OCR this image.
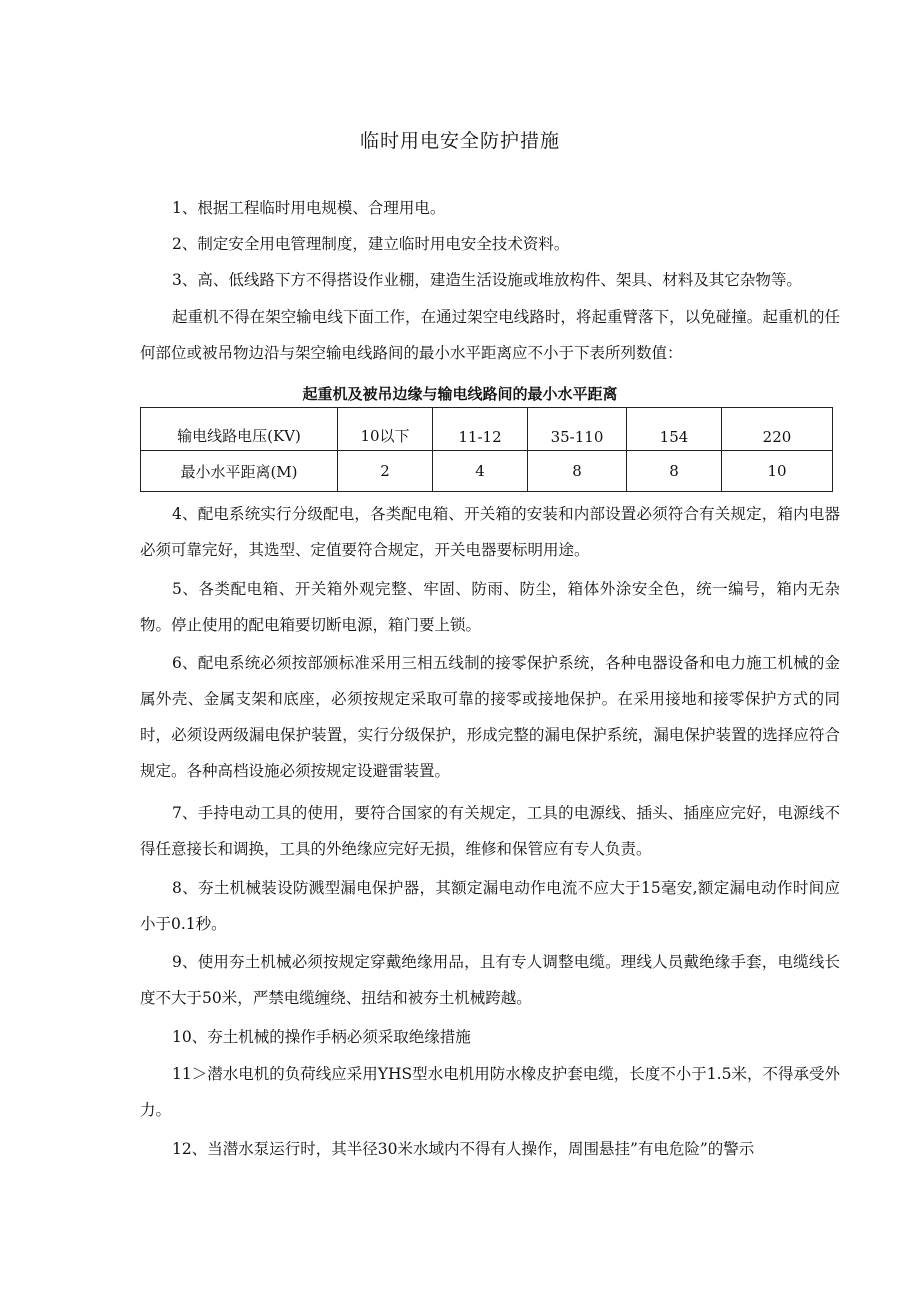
临时用电安全防护措施

1、根据工程临时用电规模、合理用电。

2、制定安全用电管理制度，建立临时用电安全技术资料。

3、高、低线路下方不得搭设作业棚，建造生活设施或堆放构件、架具、材料及其它杂物等。

起重机不得在架空输电线下面工作，在通过架空电线路时，将起重臂落下，以免碰撞。起重机的任何部位或被吊物边沿与架空输电线路间的最小水平距离应不小于下表所列数值：

起重机及被吊边缘与输电线路间的最小水平距离
输电线路电压(KV)	10以下	11-12	35-110	154	220
最小水平距离(M)	2	4	8	8	10

4、配电系统实行分级配电，各类配电箱、开关箱的安装和内部设置必须符合有关规定，箱内电器必须可靠完好，其选型、定值要符合规定，开关电器要标明用途。

5、各类配电箱、开关箱外观完整、牢固、防雨、防尘，箱体外涂安全色，统一编号，箱内无杂物。停止使用的配电箱要切断电源，箱门要上锁。

6、配电系统必须按部颁标准采用三相五线制的接零保护系统，各种电器设备和电力施工机械的金属外壳、金属支架和底座，必须按规定采取可靠的接零或接地保护。在采用接地和接零保护方式的同时，必须设两级漏电保护装置，实行分级保护，形成完整的漏电保护系统，漏电保护装置的选择应符合规定。各种高档设施必须按规定设避雷装置。

7、手持电动工具的使用，要符合国家的有关规定，工具的电源线、插头、插座应完好，电源线不得任意接长和调换，工具的外绝缘应完好无损，维修和保管应有专人负责。

8、夯土机械装设防溅型漏电保护器，其额定漏电动作电流不应大于15毫安,额定漏电动作时间应小于0.1秒。

9、使用夯土机械必须按规定穿戴绝缘用品，且有专人调整电缆。理线人员戴绝缘手套，电缆线长度不大于50米，严禁电缆缠绕、扭结和被夯土机械跨越。

10、夯土机械的操作手柄必须采取绝缘措施

11＞潜水电机的负荷线应采用YHS型水电机用防水橡皮护套电缆，长度不小于1.5米，不得承受外力。

12、当潜水泵运行时，其半径30米水域内不得有人操作，周围悬挂”有电危险”的警示
